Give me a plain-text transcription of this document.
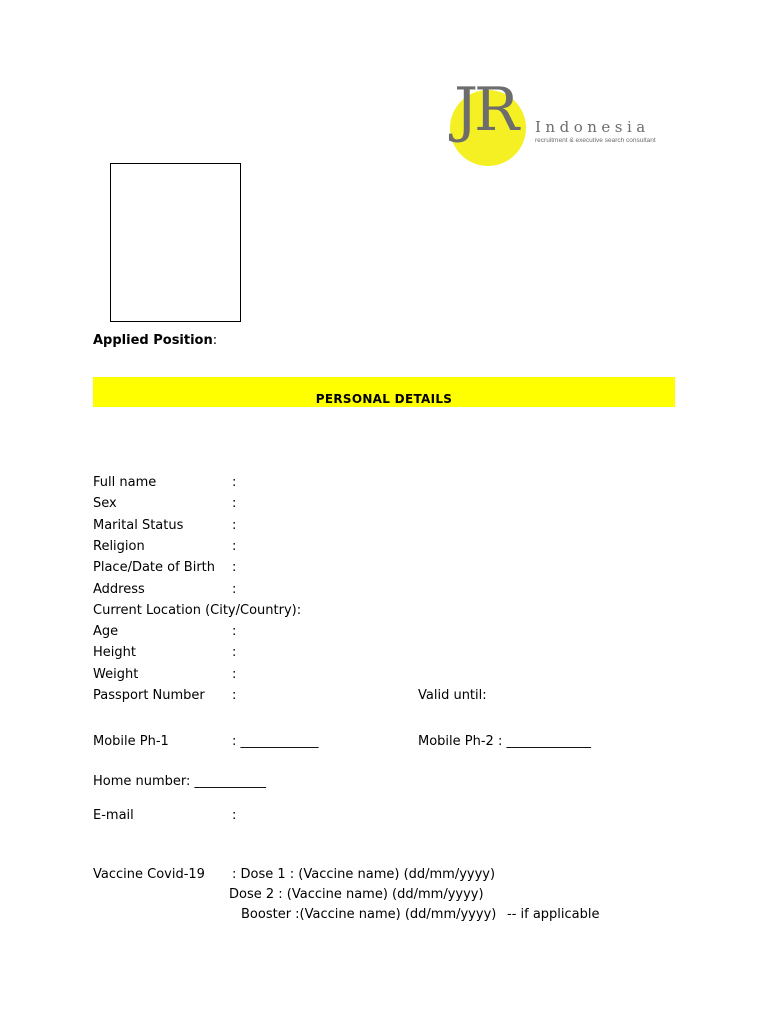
JR Indonesia
recruitment & executive search consultant
Applied Position:
PERSONAL DETAILS
Full name	:
Sex	:
Marital Status	:
Religion	:
Place/Date of Birth :
Address	:
Current Location (City/Country):
Age	:
Height	:
Weight	:
Passport Number :	Valid until:
Mobile Ph-1	: ____________	Mobile Ph-2 : _____________
Home number: ___________
E-mail	:
Vaccine Covid-19 : Dose 1 : (Vaccine name) (dd/mm/yyyy)
Dose 2 : (Vaccine name) (dd/mm/yyyy)
Booster :(Vaccine name) (dd/mm/yyyy) -- if applicable
